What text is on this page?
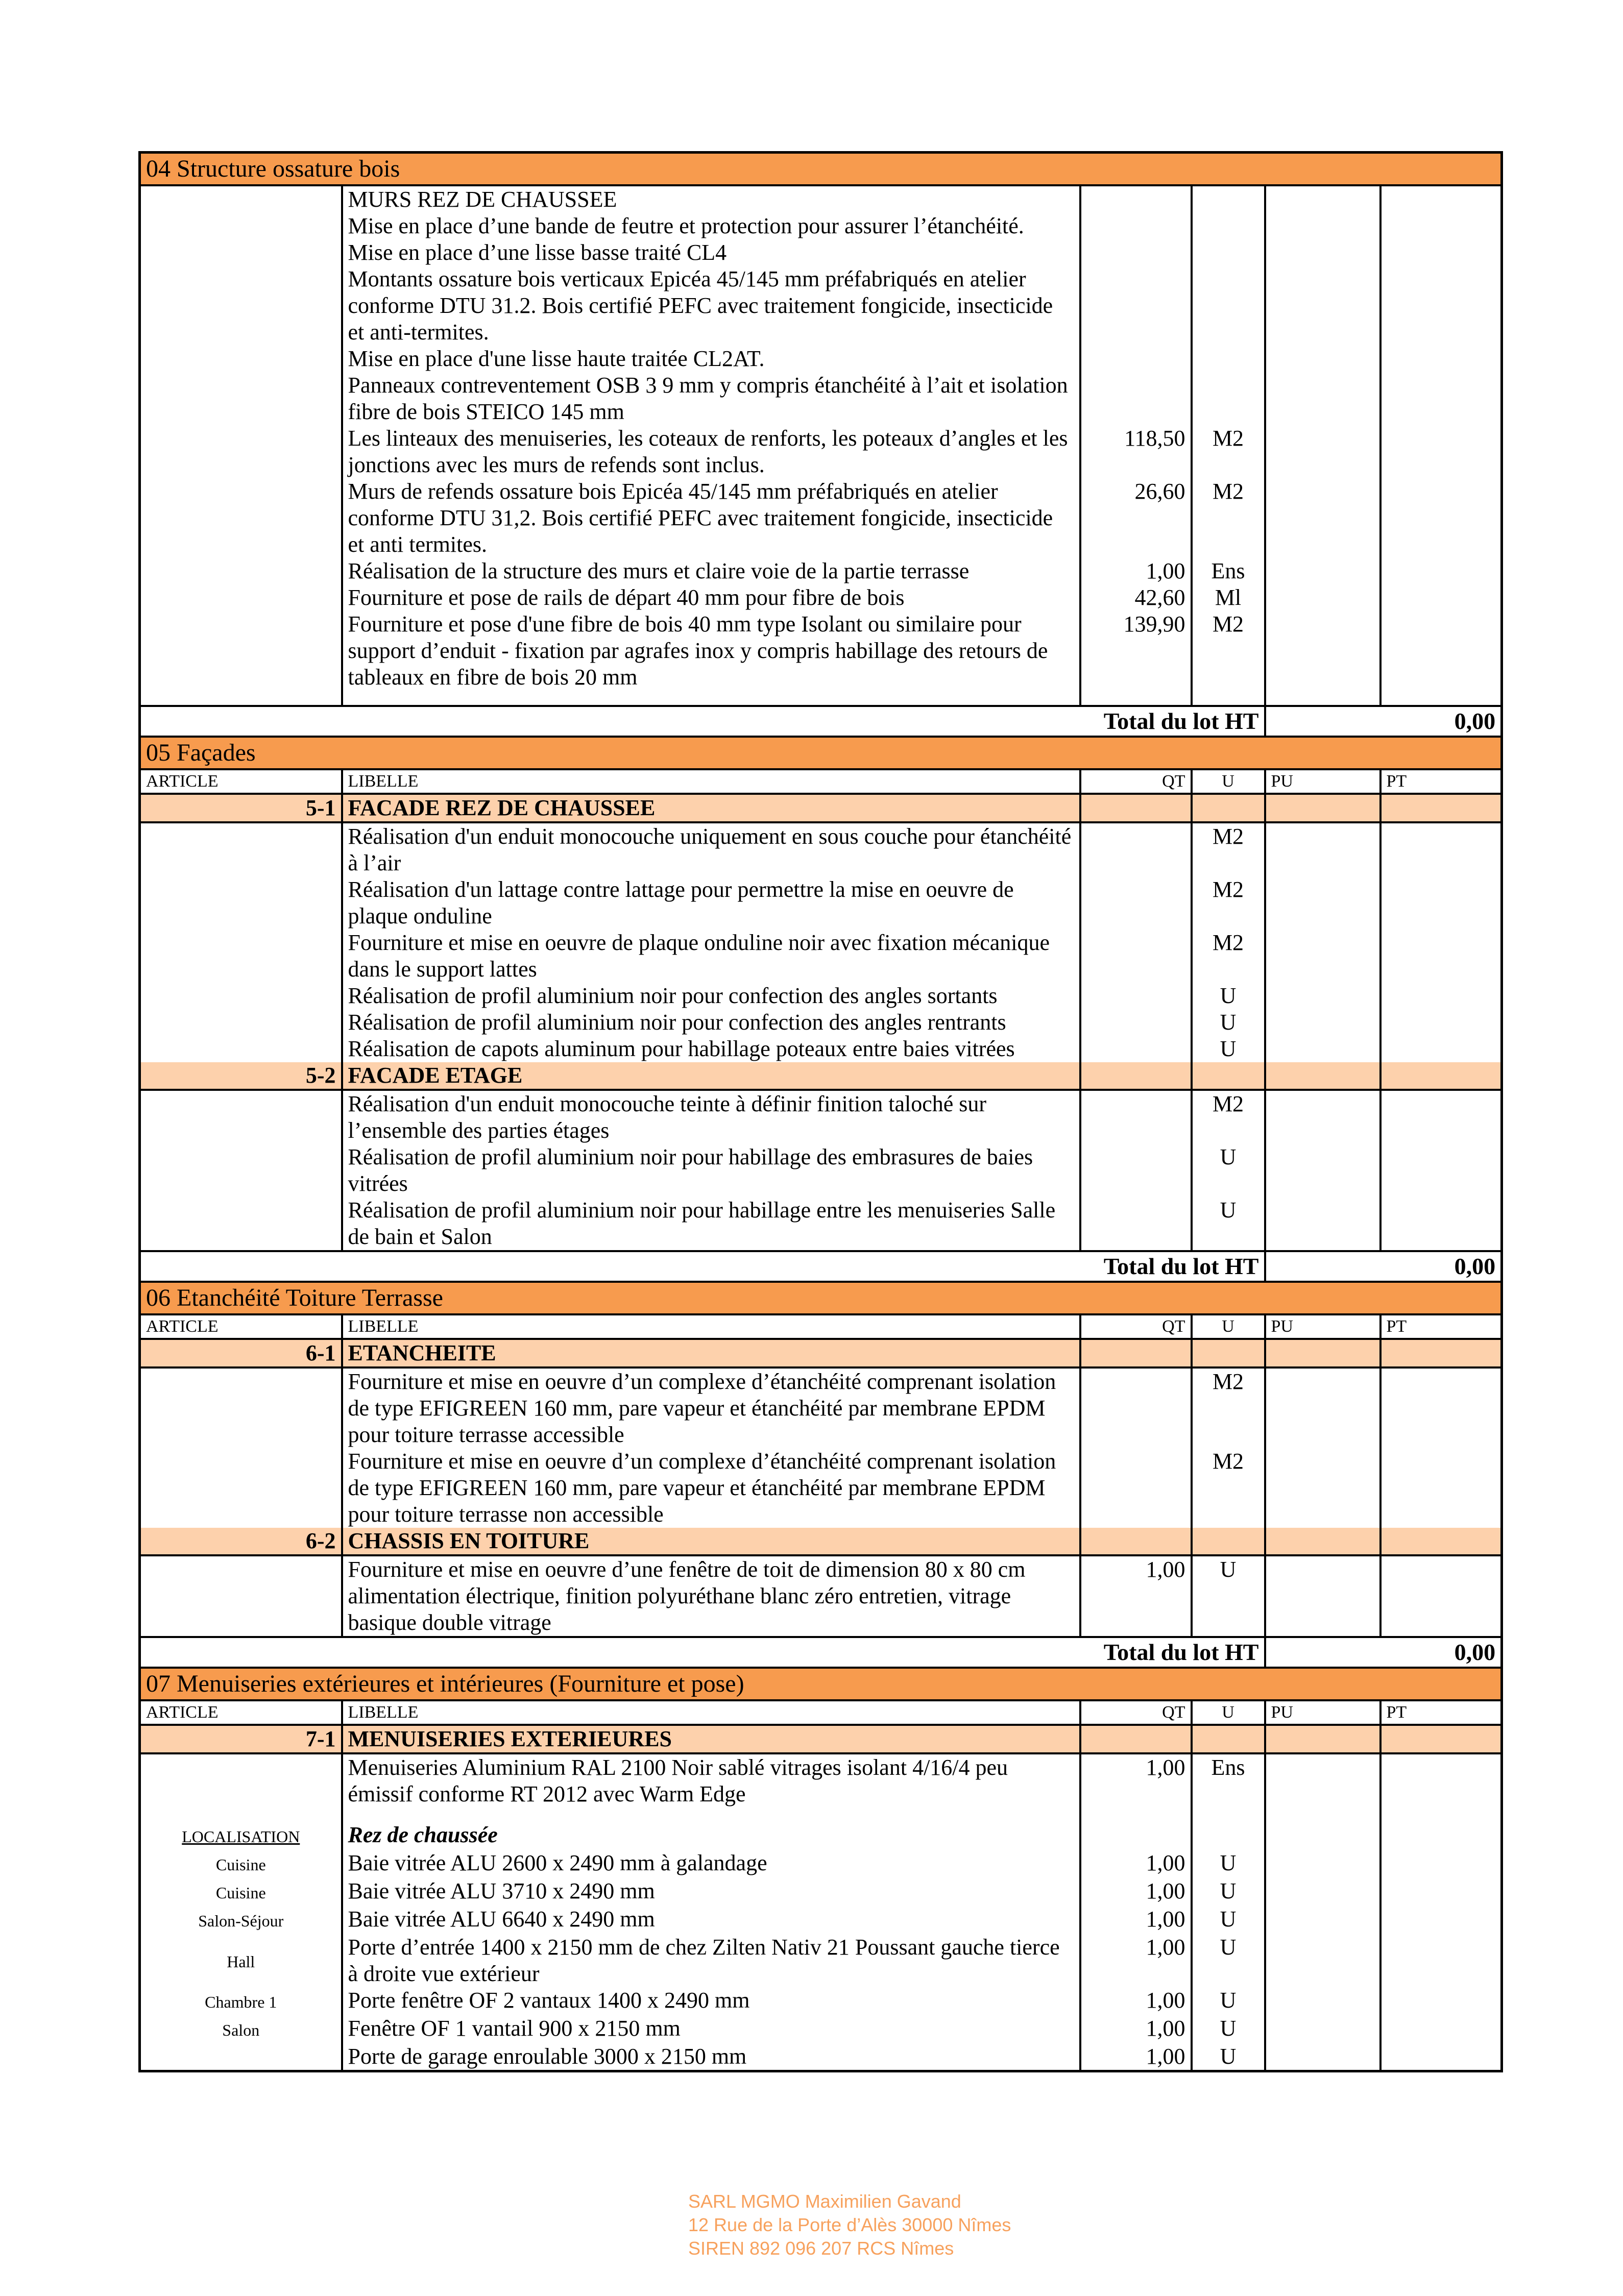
04 Structure ossature bois					
	MURS REZ DE CHAUSSEE				
	Mise en place d’une bande de feutre et protection pour assurer l’étanchéité.				
	Mise en place d’une lisse basse traité CL4				
	Montants ossature bois verticaux Epicéa 45/145 mm préfabriqués en atelier conforme DTU 31.2. Bois certifié PEFC avec traitement fongicide, insecticide et anti-termites.				
	Mise en place d'une lisse haute traitée CL2AT.				
	Panneaux contreventement OSB 3 9 mm y compris étanchéité à l’ait et isolation fibre de bois STEICO 145 mm				
	Les linteaux des menuiseries, les coteaux de renforts, les poteaux d’angles et les jonctions avec les murs de refends sont inclus.	118,50	M2		
	Murs de refends ossature bois Epicéa 45/145 mm préfabriqués en atelier conforme DTU 31,2. Bois certifié PEFC avec traitement fongicide, insecticide et anti termites.	26,60	M2		
	Réalisation de la structure des murs et claire voie de la partie terrasse	1,00	Ens		
	Fourniture et pose de rails de départ 40 mm pour fibre de bois	42,60	Ml		
	Fourniture et pose d'une fibre de bois 40 mm type Isolant ou similaire pour support d’enduit - fixation par agrafes inox y compris habillage des retours de tableaux en fibre de bois 20 mm	139,90	M2		

Total du lot HT				0,00	
05 Façades					
ARTICLE	LIBELLE	QT	U	PU	PT
5-1	FACADE REZ DE CHAUSSEE				
	Réalisation d'un enduit monocouche uniquement en sous couche pour étanchéité à l’air		M2		
	Réalisation d'un lattage contre lattage pour permettre la mise en oeuvre de plaque onduline		M2		
	Fourniture et mise en oeuvre de plaque onduline noir avec fixation mécanique dans le support lattes		M2		
	Réalisation de profil aluminium noir pour confection des angles sortants		U		
	Réalisation de profil aluminium noir pour confection des angles rentrants		U		
	Réalisation de capots aluminum pour habillage poteaux entre baies vitrées		U		
5-2	FACADE ETAGE				
	Réalisation d'un enduit monocouche teinte à définir finition taloché sur l’ensemble des parties étages		M2		
	Réalisation de profil aluminium noir pour habillage des embrasures de baies vitrées		U		
	Réalisation de profil aluminium noir pour habillage entre les menuiseries Salle de bain et Salon		U		
Total du lot HT				0,00	
06 Etanchéité Toiture Terrasse					
ARTICLE	LIBELLE	QT	U	PU	PT
6-1	ETANCHEITE				
	Fourniture et mise en oeuvre d’un complexe d’étanchéité comprenant isolation de type EFIGREEN 160 mm, pare vapeur et étanchéité par membrane EPDM pour toiture terrasse accessible		M2		
	Fourniture et mise en oeuvre d’un complexe d’étanchéité comprenant isolation de type EFIGREEN 160 mm, pare vapeur et étanchéité par membrane EPDM pour toiture terrasse non accessible		M2		
6-2	CHASSIS EN TOITURE				
	Fourniture et mise en oeuvre d’une fenêtre de toit de dimension 80 x 80 cm alimentation électrique, finition polyuréthane blanc zéro entretien, vitrage basique double vitrage	1,00	U		
Total du lot HT				0,00	
07 Menuiseries extérieures et intérieures (Fourniture et pose)					
ARTICLE	LIBELLE	QT	U	PU	PT
7-1	MENUISERIES EXTERIEURES				
	Menuiseries Aluminium RAL 2100 Noir sablé vitrages isolant 4/16/4 peu émissif conforme RT 2012 avec Warm Edge	1,00	Ens		

LOCALISATION	Rez de chaussée				
Cuisine	Baie vitrée ALU 2600 x 2490 mm à galandage	1,00	U		
Cuisine	Baie vitrée ALU 3710 x 2490 mm	1,00	U		
Salon-Séjour	Baie vitrée ALU 6640 x 2490 mm	1,00	U		
Hall	Porte d’entrée 1400 x 2150 mm de chez Zilten Nativ 21 Poussant gauche tierce à droite vue extérieur	1,00	U		
Chambre 1	Porte fenêtre OF 2 vantaux 1400 x 2490 mm	1,00	U		
Salon	Fenêtre OF 1 vantail 900 x 2150 mm	1,00	U		
	Porte de garage enroulable 3000 x 2150 mm	1,00	U		
SARL MGMO Maximilien Gavand
12 Rue de la Porte d’Alès 30000 Nîmes
SIREN 892 096 207 RCS Nîmes
